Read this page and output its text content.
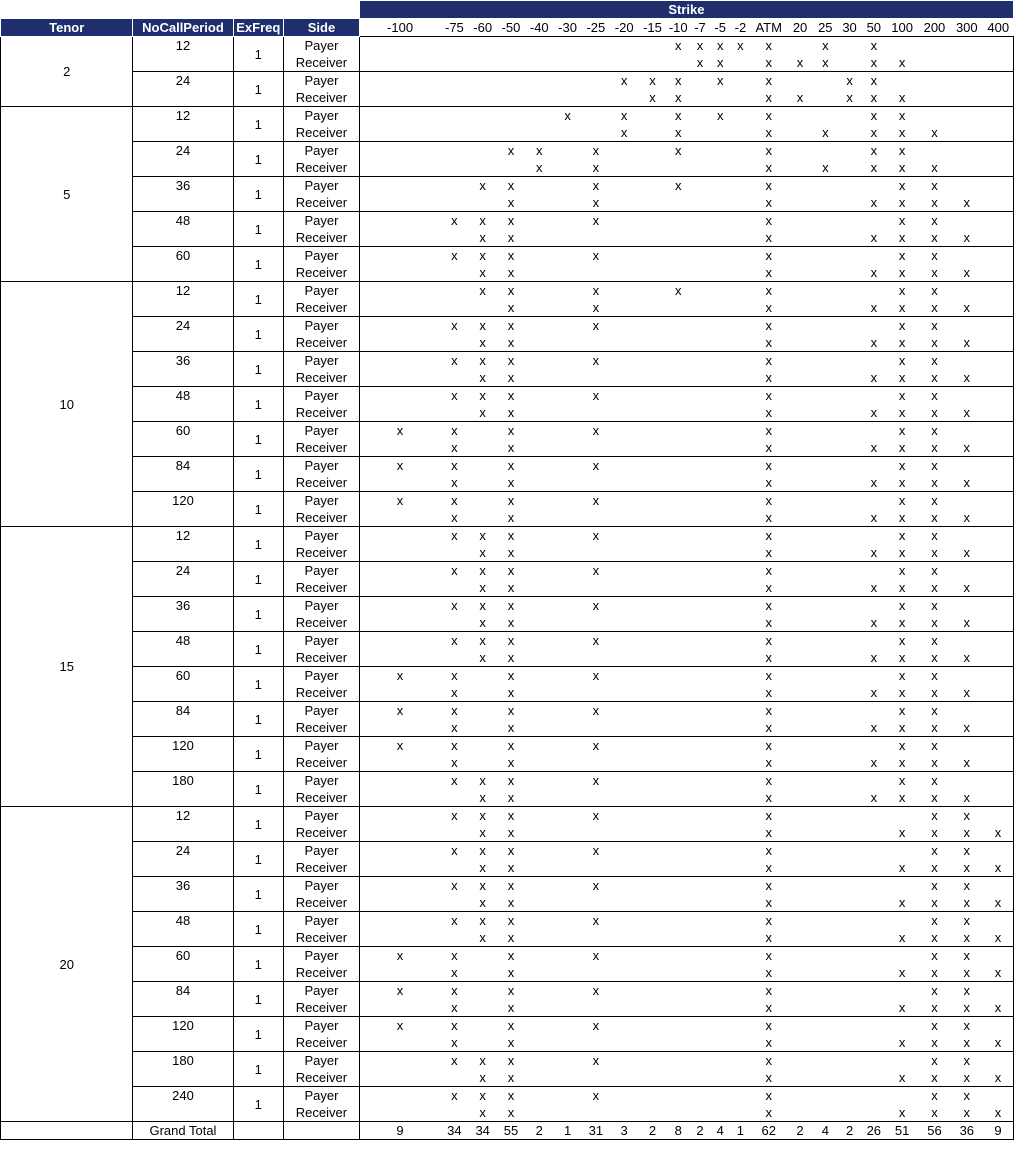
				Strike																					
Tenor	NoCallPeriod	ExFreq	Side	-100	-75	-60	-50	-40	-30	-25	-20	-15	-10	-7	-5	-2	ATM	20	25	30	50	100	200	300	400
2	12	1	Payer										x	x	x	x	x		x		x				
			Receiver											x	x		x	x	x		x	x			
	24	1	Payer								x	x	x		x		x			x	x				
			Receiver									x	x				x	x		x	x	x			
5	12	1	Payer						x		x		x		x		x				x	x			
			Receiver								x		x				x		x		x	x	x		
	24	1	Payer				x	x		x			x				x				x	x			
			Receiver					x		x							x		x		x	x	x		
	36	1	Payer			x	x			x			x				x					x	x		
			Receiver				x			x							x				x	x	x	x	
	48	1	Payer		x	x	x			x							x					x	x		
			Receiver			x	x										x				x	x	x	x	
	60	1	Payer		x	x	x			x							x					x	x		
			Receiver			x	x										x				x	x	x	x	
10	12	1	Payer			x	x			x			x				x					x	x		
			Receiver				x			x							x				x	x	x	x	
	24	1	Payer		x	x	x			x							x					x	x		
			Receiver			x	x										x				x	x	x	x	
	36	1	Payer		x	x	x			x							x					x	x		
			Receiver			x	x										x				x	x	x	x	
	48	1	Payer		x	x	x			x							x					x	x		
			Receiver			x	x										x				x	x	x	x	
	60	1	Payer	x	x		x			x							x					x	x		
			Receiver		x		x										x				x	x	x	x	
	84	1	Payer	x	x		x			x							x					x	x		
			Receiver		x		x										x				x	x	x	x	
	120	1	Payer	x	x		x			x							x					x	x		
			Receiver		x		x										x				x	x	x	x	
15	12	1	Payer		x	x	x			x							x					x	x		
			Receiver			x	x										x				x	x	x	x	
	24	1	Payer		x	x	x			x							x					x	x		
			Receiver			x	x										x				x	x	x	x	
	36	1	Payer		x	x	x			x							x					x	x		
			Receiver			x	x										x				x	x	x	x	
	48	1	Payer		x	x	x			x							x					x	x		
			Receiver			x	x										x				x	x	x	x	
	60	1	Payer	x	x		x			x							x					x	x		
			Receiver		x		x										x				x	x	x	x	
	84	1	Payer	x	x		x			x							x					x	x		
			Receiver		x		x										x				x	x	x	x	
	120	1	Payer	x	x		x			x							x					x	x		
			Receiver		x		x										x				x	x	x	x	
	180	1	Payer		x	x	x			x							x					x	x		
			Receiver			x	x										x				x	x	x	x	
20	12	1	Payer		x	x	x			x							x						x	x	
			Receiver			x	x										x					x	x	x	x
	24	1	Payer		x	x	x			x							x						x	x	
			Receiver			x	x										x					x	x	x	x
	36	1	Payer		x	x	x			x							x						x	x	
			Receiver			x	x										x					x	x	x	x
	48	1	Payer		x	x	x			x							x						x	x	
			Receiver			x	x										x					x	x	x	x
	60	1	Payer	x	x		x			x							x						x	x	
			Receiver		x		x										x					x	x	x	x
	84	1	Payer	x	x		x			x							x						x	x	
			Receiver		x		x										x					x	x	x	x
	120	1	Payer	x	x		x			x							x						x	x	
			Receiver		x		x										x					x	x	x	x
	180	1	Payer		x	x	x			x							x						x	x	
			Receiver			x	x										x					x	x	x	x
	240	1	Payer		x	x	x			x							x						x	x	
			Receiver			x	x										x					x	x	x	x
	Grand Total			9	34	34	55	2	1	31	3	2	8	2	4	1	62	2	4	2	26	51	56	36	9
